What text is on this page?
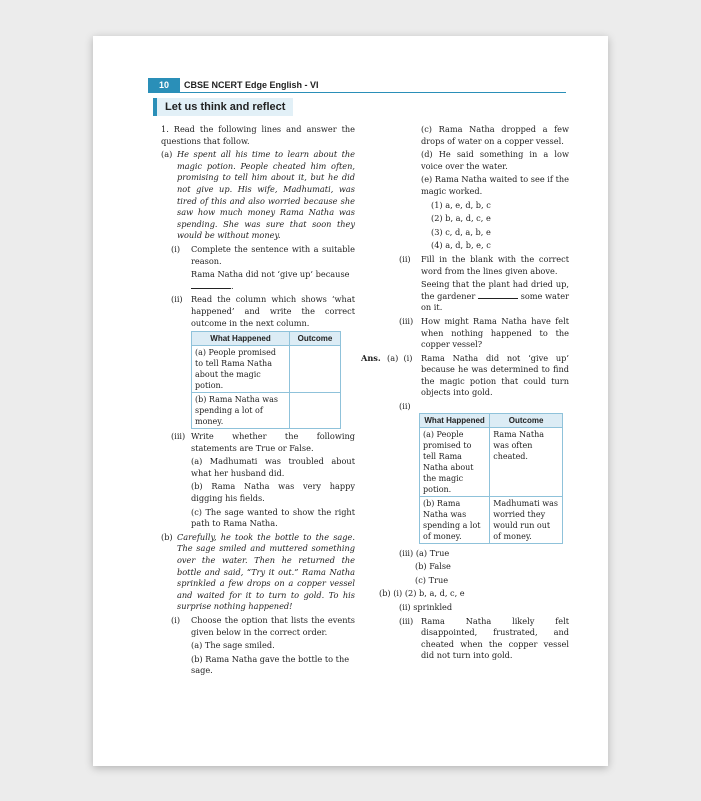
10	CBSE NCERT Edge English - VI
Let us think and reflect

1. Read the following lines and answer the questions that follow.

(a) He spent all his time to learn about the magic potion. People cheated him often, promising to tell him about it, but he did not give up. His wife, Madhumati, was tired of this and also worried because she saw how much money Rama Natha was spending. She was sure that soon they would be without money.

(i)	Complete the sentence with a suitable reason.

Rama Natha did not ‘give up’ because .

(ii)	Read the column which shows ‘what happened’ and write the correct outcome in the next column.

What Happened	Outcome
(a) People promised to tell Rama Natha about the magic potion.	
(b) Rama Natha was spending a lot of money.	
(iii) Write whether the following statements are True or False.

(a) Madhumati was troubled about what her husband did.

(b) Rama Natha was very happy digging his fields.

(c) The sage wanted to show the right path to Rama Natha.

(b) Carefully, he took the bottle to the sage. The sage smiled and muttered something over the water. Then he returned the bottle and said, “Try it out.” Rama Natha sprinkled a few drops on a copper vessel and waited for it to turn to gold. To his surprise nothing happened!

(i)	Choose the option that lists the events given below in the correct order.

(a) The sage smiled.

(b) Rama Natha gave the bottle to the sage.

(c) Rama Natha dropped a few drops of water on a copper vessel.

(d) He said something in a low voice over the water.

(e) Rama Natha waited to see if the magic worked.

(1) a, e, d, b, c

(2) b, a, d, c, e

(3) c, d, a, b, e

(4) a, d, b, e, c

(ii)	Fill in the blank with the correct word from the lines given above.

Seeing that the plant had dried up, the gardener	some water on it.

(iii) How might Rama Natha have felt when nothing happened to the copper vessel?

Ans. (a)  (i)	Rama Natha did not ‘give up’ because he was determined to find the magic potion that could turn objects into gold.

(ii)
What Happened	Outcome
(a) People promised to tell Rama Natha about the magic potion.	Rama Natha was often cheated.
(b) Rama Natha was spending a lot of money.	Madhumati was worried they would run out of money.

(iii) (a) True

(b) False

(c) True

(b) (i) (2) b, a, d, c, e

(ii) sprinkled

(iii) Rama Natha likely felt disappointed, frustrated, and cheated when the copper vessel did not turn into gold.
